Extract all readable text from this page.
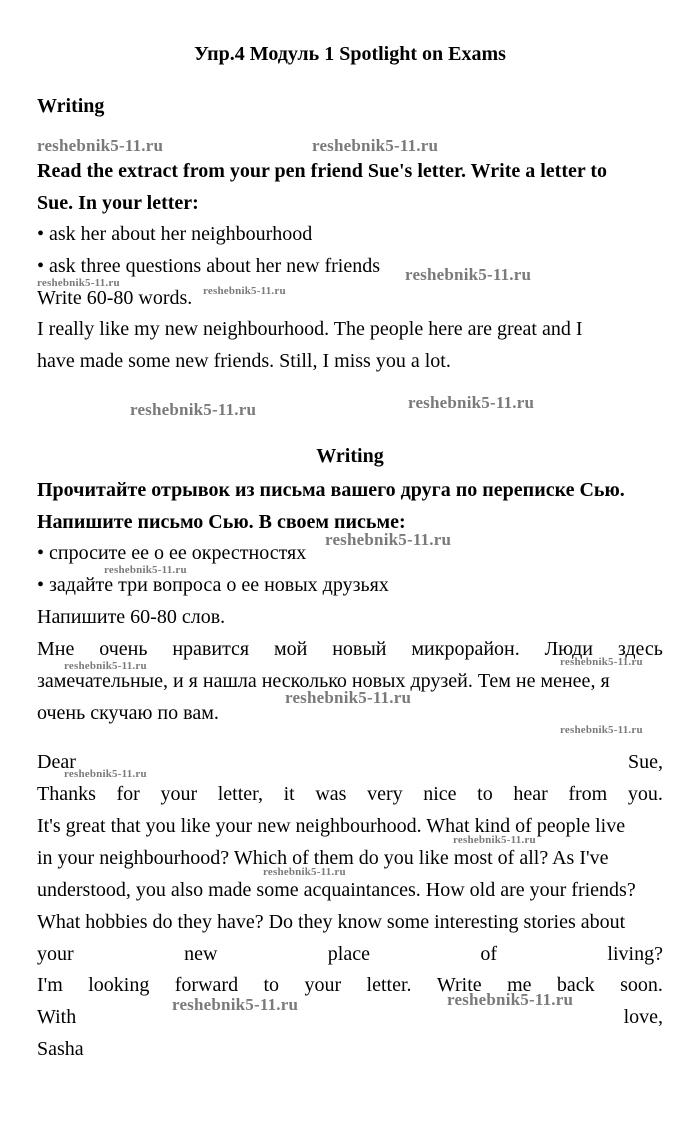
Упр.4 Модуль 1 Spotlight on Exams
Writing
Read the extract from your pen friend Sue's letter. Write a letter to
Sue. In your letter:
• ask her about her neighbourhood
• ask three questions about her new friends
Write 60-80 words.
I really like my new neighbourhood. The people here are great and I
have made some new friends. Still, I miss you a lot.
Writing
Прочитайте отрывок из письма вашего друга по переписке Сью.
Напишите письмо Сью. В своем письме:
• спросите ее о ее окрестностях
• задайте три вопроса о ее новых друзьях
Напишите 60-80 слов.
Мне очень нравится мой новый микрорайон. Люди здесь
замечательные, и я нашла несколько новых друзей. Тем не менее, я
очень скучаю по вам.
Dear	Sue,
Thanks for your letter, it was very nice to hear from you.
It's great that you like your new neighbourhood. What kind of people live
in your neighbourhood? Which of them do you like most of all? As I've
understood, you also made some acquaintances. How old are your friends?
What hobbies do they have? Do they know some interesting stories about
your	new	place	of	living?
I'm looking forward to your letter. Write me back soon.
With	love,
Sasha
reshebnik5-11.ru	reshebnik5-11.ru
reshebnik5-11.ru
reshebnik5-11.ru
reshebnik5-11.ru
reshebnik5-11.ru	reshebnik5-11.ru
reshebnik5-11.ru
reshebnik5-11.ru
reshebnik5-11.ru	reshebnik5-11.ru
reshebnik5-11.ru
reshebnik5-11.ru
reshebnik5-11.ru
reshebnik5-11.ru
reshebnik5-11.ru
reshebnik5-11.ru	reshebnik5-11.ru
